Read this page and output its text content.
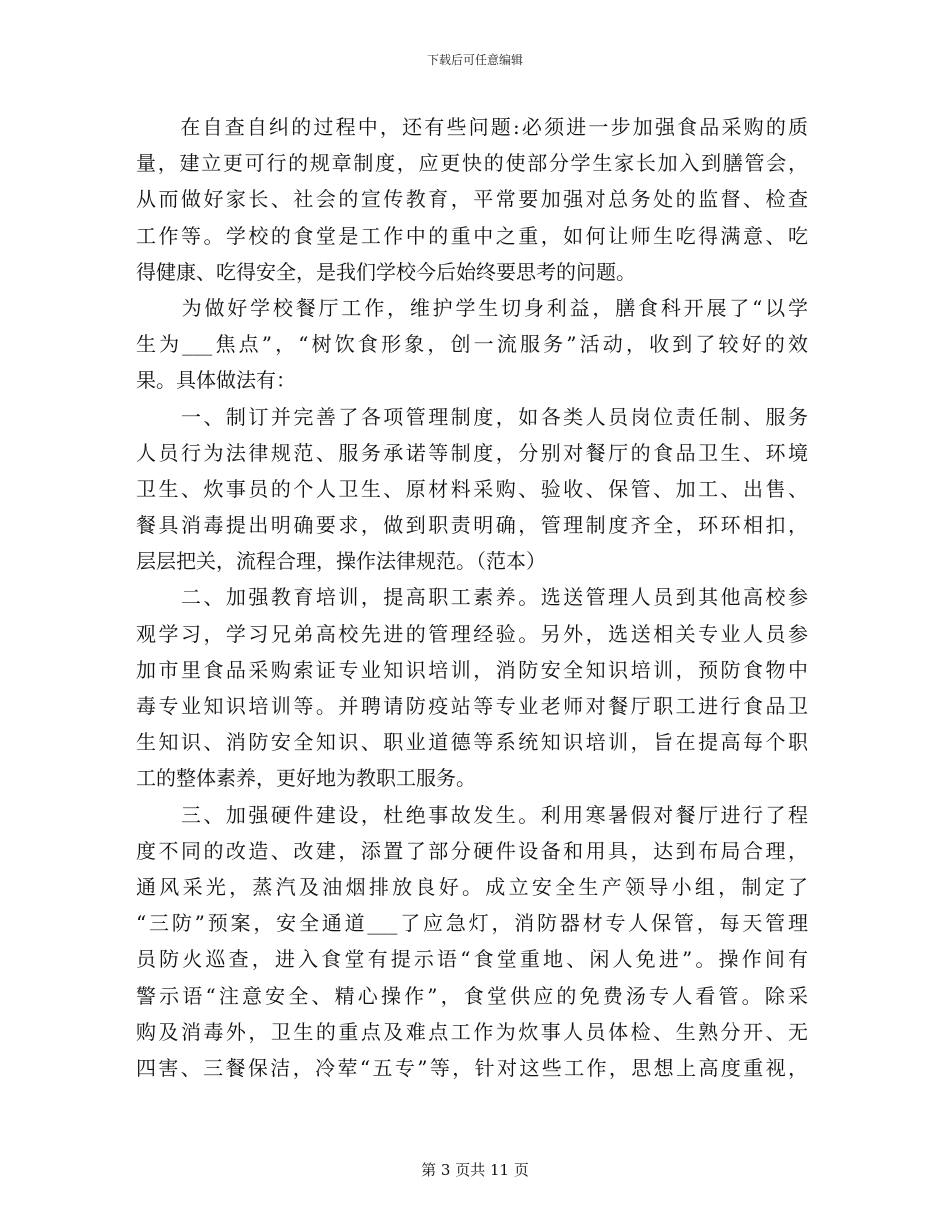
下载后可任意编辑
　　在自查自纠的过程中，还有些问题:必须进一步加强食品采购的质
量，建立更可行的规章制度，应更快的使部分学生家长加入到膳管会，
从而做好家长、社会的宣传教育，平常要加强对总务处的监督、检查
工作等。学校的食堂是工作中的重中之重，如何让师生吃得满意、吃
得健康、吃得安全，是我们学校今后始终要思考的问题。
　　为做好学校餐厅工作，维护学生切身利益，膳食科开展了“以学
生为___焦点”，“树饮食形象，创一流服务”活动，收到了较好的效
果。具体做法有：
　　一、制订并完善了各项管理制度，如各类人员岗位责任制、服务
人员行为法律规范、服务承诺等制度，分别对餐厅的食品卫生、环境
卫生、炊事员的个人卫生、原材料采购、验收、保管、加工、出售、
餐具消毒提出明确要求，做到职责明确，管理制度齐全，环环相扣，
层层把关，流程合理，操作法律规范。（范本）
　　二、加强教育培训，提高职工素养。选送管理人员到其他高校参
观学习，学习兄弟高校先进的管理经验。另外，选送相关专业人员参
加市里食品采购索证专业知识培训，消防安全知识培训，预防食物中
毒专业知识培训等。并聘请防疫站等专业老师对餐厅职工进行食品卫
生知识、消防安全知识、职业道德等系统知识培训，旨在提高每个职
工的整体素养，更好地为教职工服务。
　　三、加强硬件建设，杜绝事故发生。利用寒暑假对餐厅进行了程
度不同的改造、改建，添置了部分硬件设备和用具，达到布局合理，
通风采光，蒸汽及油烟排放良好。成立安全生产领导小组，制定了
“三防”预案，安全通道___了应急灯，消防器材专人保管，每天管理
员防火巡查，进入食堂有提示语“食堂重地、闲人免进”。操作间有
警示语“注意安全、精心操作”，食堂供应的免费汤专人看管。除采
购及消毒外，卫生的重点及难点工作为炊事人员体检、生熟分开、无
四害、三餐保洁，冷荤“五专”等，针对这些工作，思想上高度重视，
第 3 页共 11 页
